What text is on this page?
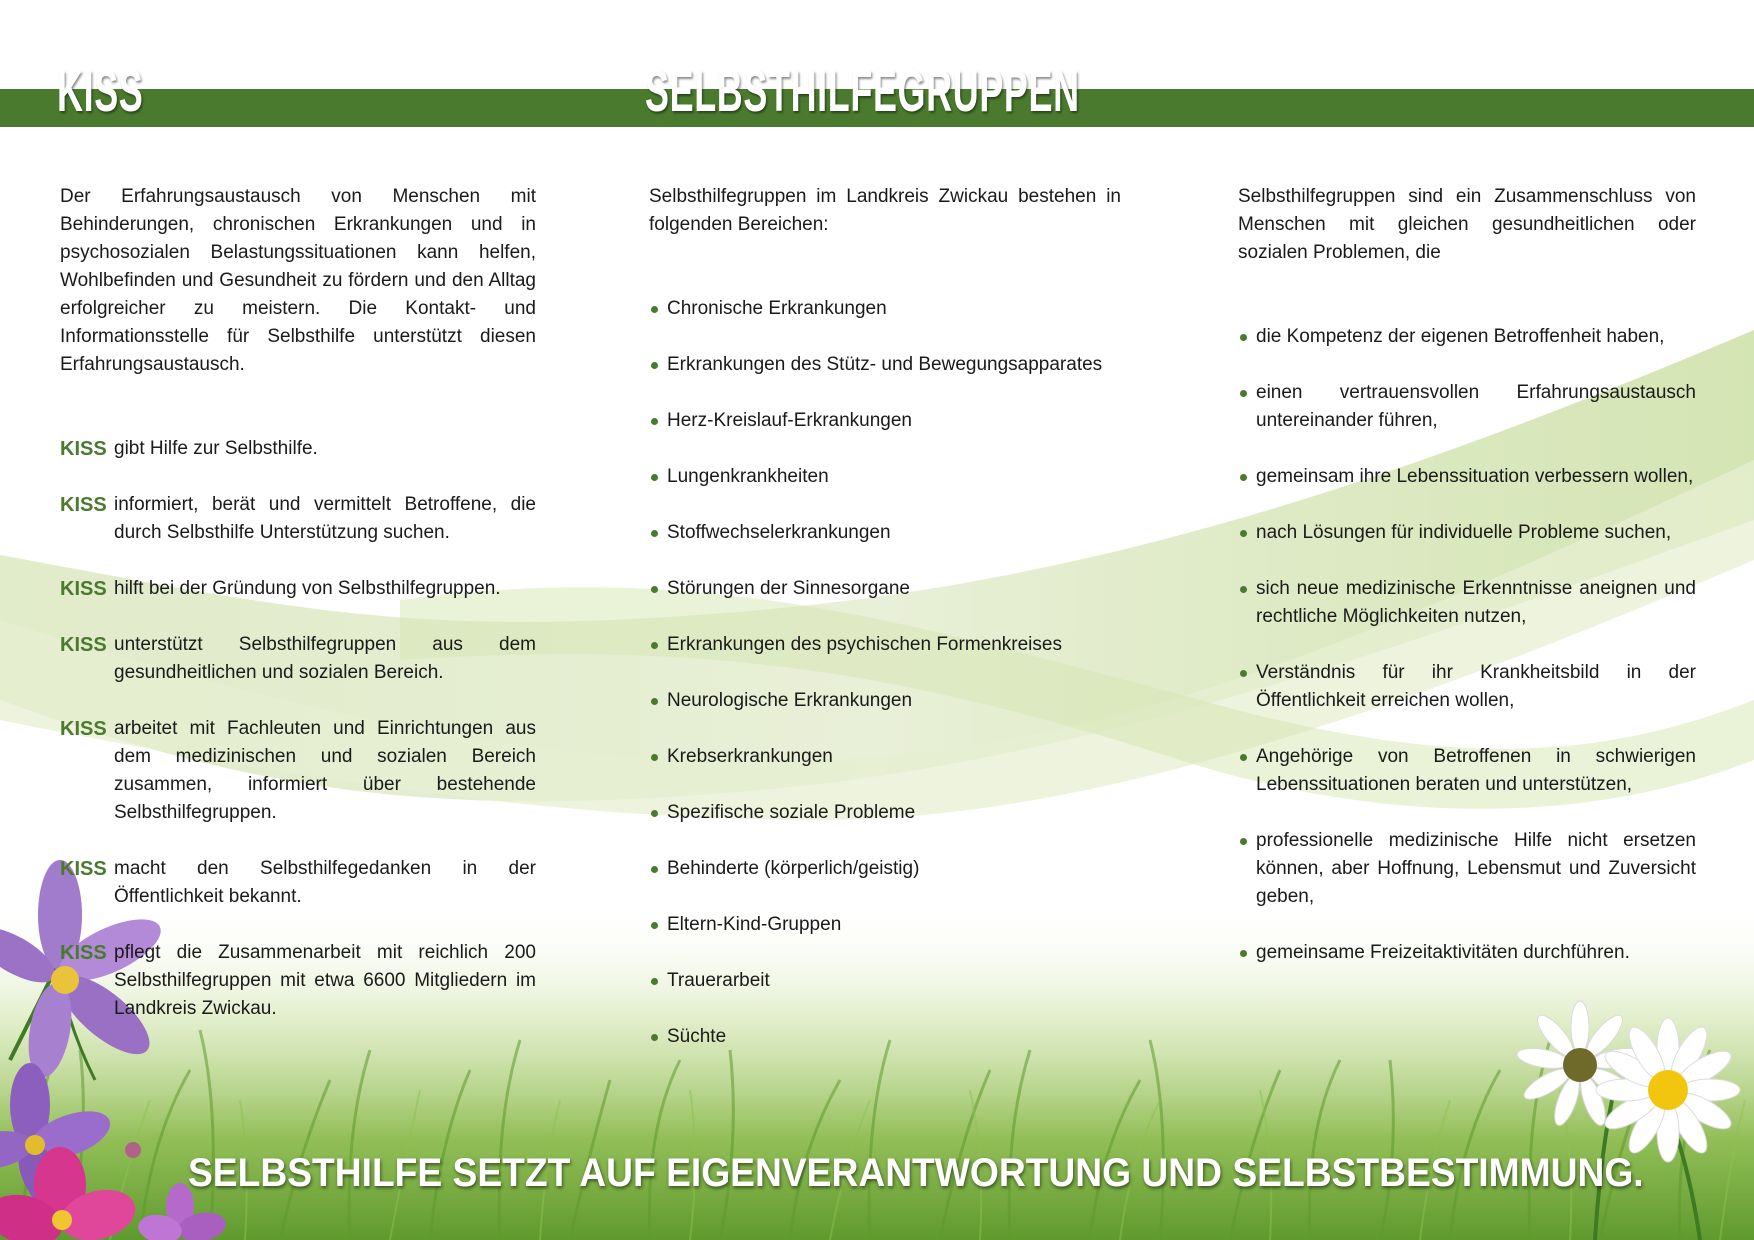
KISS	SELBSTHILFEGRUPPEN

Der Erfahrungsaustausch von Menschen mit Behinderungen, chronischen Erkrankungen und in psychosozialen Belastungssituationen kann helfen, Wohlbefinden und Gesundheit zu fördern und den Alltag erfolgreicher zu meistern. Die Kontakt- und Informationsstelle für Selbsthilfe unterstützt diesen Erfahrungsaustausch.

KISS gibt Hilfe zur Selbsthilfe.
KISS informiert, berät und vermittelt Betroffene, die durch Selbsthilfe Unterstützung suchen.
KISS hilft bei der Gründung von Selbsthilfegruppen.
KISS unterstützt Selbsthilfegruppen aus dem gesundheitlichen und sozialen Bereich.
KISS arbeitet mit Fachleuten und Einrichtungen aus dem medizinischen und sozialen Bereich zusammen, informiert über bestehende Selbsthilfegruppen.
KISS macht den Selbsthilfegedanken in der Öffentlichkeit bekannt.
KISS pflegt die Zusammenarbeit mit reichlich 200 Selbsthilfegruppen mit etwa 6600 Mitgliedern im Landkreis Zwickau.

Selbsthilfegruppen im Landkreis Zwickau bestehen in folgenden Bereichen:

Chronische Erkrankungen
Erkrankungen des Stütz- und Bewegungsapparates
Herz-Kreislauf-Erkrankungen
Lungenkrankheiten
Stoffwechselerkrankungen
Störungen der Sinnesorgane
Erkrankungen des psychischen Formenkreises
Neurologische Erkrankungen
Krebserkrankungen
Spezifische soziale Probleme
Behinderte (körperlich/geistig)
Eltern-Kind-Gruppen
Trauerarbeit
Süchte

Selbsthilfegruppen sind ein Zusammenschluss von Menschen mit gleichen gesundheitlichen oder sozialen Problemen, die

die Kompetenz der eigenen Betroffenheit haben,
einen vertrauensvollen Erfahrungsaustausch untereinander führen,
gemeinsam ihre Lebenssituation verbessern wollen,
nach Lösungen für individuelle Probleme suchen,
sich neue medizinische Erkenntnisse aneignen und rechtliche Möglichkeiten nutzen,
Verständnis für ihr Krankheitsbild in der Öffentlichkeit erreichen wollen,
Angehörige von Betroffenen in schwierigen Lebenssituationen beraten und unterstützen,
professionelle medizinische Hilfe nicht ersetzen können, aber Hoffnung, Lebensmut und Zuversicht geben,
gemeinsame Freizeitaktivitäten durchführen.
SELBSTHILFE SETZT AUF EIGENVERANTWORTUNG UND SELBSTBESTIMMUNG.
